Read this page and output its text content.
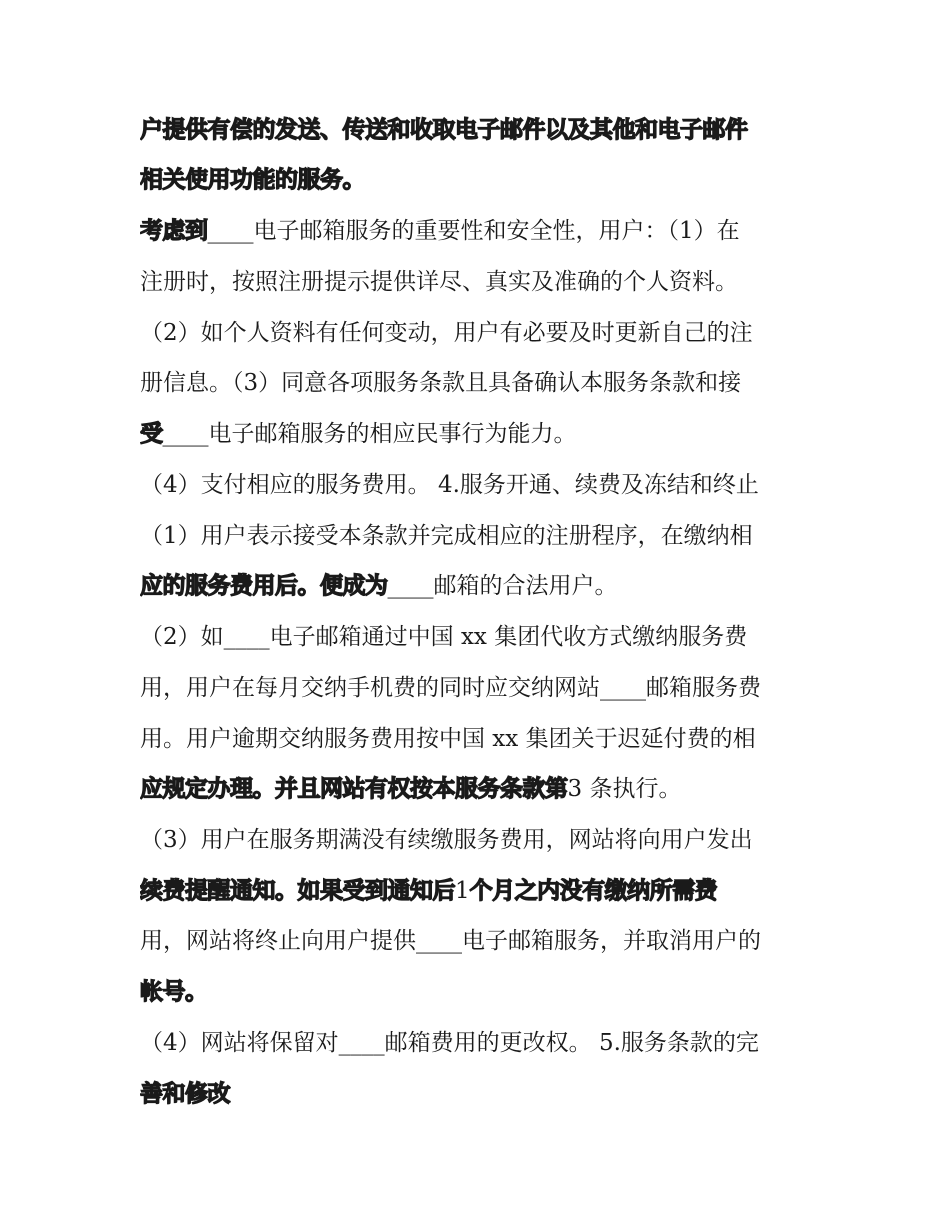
户提供有偿的发送、传送和收取电子邮件以及其他和电子邮件
相关使用功能的服务。
考虑到____电子邮箱服务的重要性和安全性，用户：（1）在
注册时，按照注册提示提供详尽、真实及准确的个人资料。
（2）如个人资料有任何变动，用户有必要及时更新自己的注
册信息。（3）同意各项服务条款且具备确认本服务条款和接
受____电子邮箱服务的相应民事行为能力。
（4）支付相应的服务费用。 4.服务开通、续费及冻结和终止
（1）用户表示接受本条款并完成相应的注册程序，在缴纳相
应的服务费用后。便成为____邮箱的合法用户。
（2）如____电子邮箱通过中国 xx 集团代收方式缴纳服务费
用，用户在每月交纳手机费的同时应交纳网站____邮箱服务费
用。用户逾期交纳服务费用按中国 xx 集团关于迟延付费的相
应规定办理。并且网站有权按本服务条款第3 条执行。
（3）用户在服务期满没有续缴服务费用，网站将向用户发出
续费提醒通知。如果受到通知后1个月之内没有缴纳所需费
用，网站将终止向用户提供____电子邮箱服务，并取消用户的
帐号。
（4）网站将保留对____邮箱费用的更改权。 5.服务条款的完
善和修改
